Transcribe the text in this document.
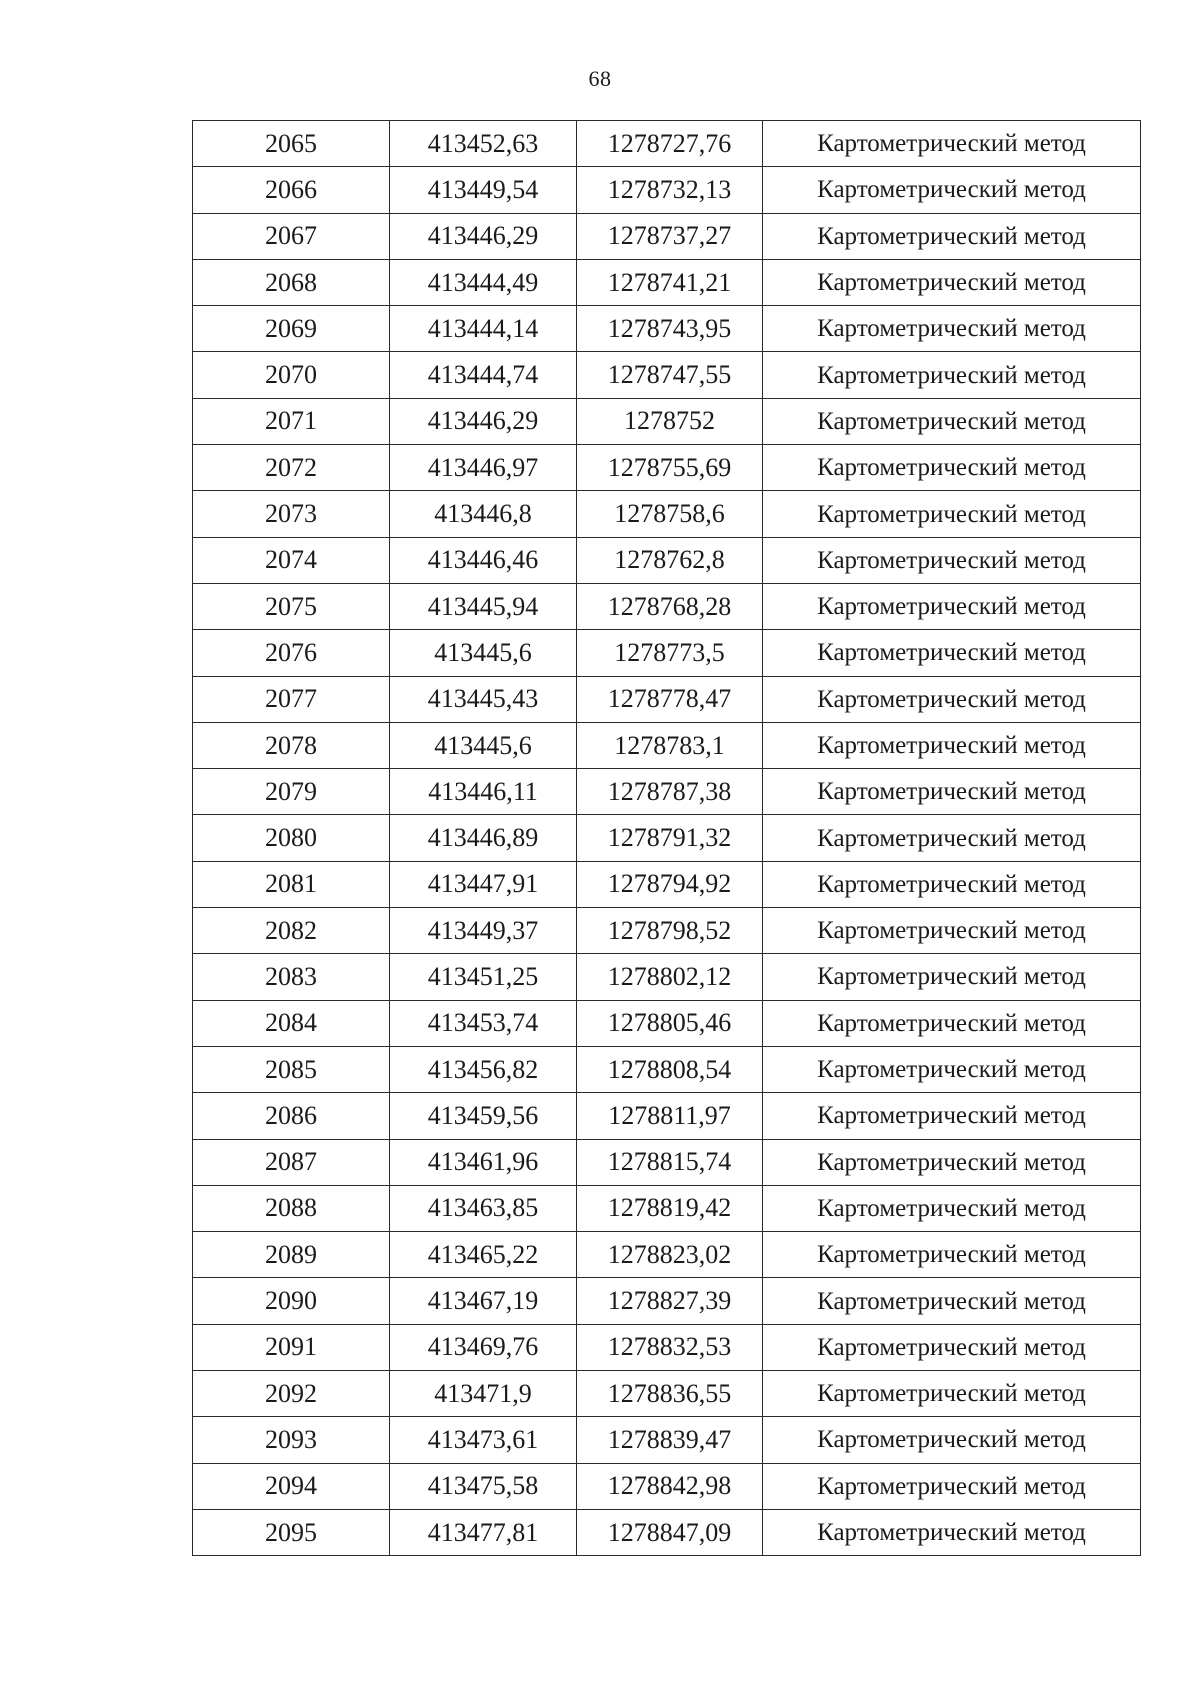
68
2065	413452,63	1278727,76	Картометрический метод
2066	413449,54	1278732,13	Картометрический метод
2067	413446,29	1278737,27	Картометрический метод
2068	413444,49	1278741,21	Картометрический метод
2069	413444,14	1278743,95	Картометрический метод
2070	413444,74	1278747,55	Картометрический метод
2071	413446,29	1278752	Картометрический метод
2072	413446,97	1278755,69	Картометрический метод
2073	413446,8	1278758,6	Картометрический метод
2074	413446,46	1278762,8	Картометрический метод
2075	413445,94	1278768,28	Картометрический метод
2076	413445,6	1278773,5	Картометрический метод
2077	413445,43	1278778,47	Картометрический метод
2078	413445,6	1278783,1	Картометрический метод
2079	413446,11	1278787,38	Картометрический метод
2080	413446,89	1278791,32	Картометрический метод
2081	413447,91	1278794,92	Картометрический метод
2082	413449,37	1278798,52	Картометрический метод
2083	413451,25	1278802,12	Картометрический метод
2084	413453,74	1278805,46	Картометрический метод
2085	413456,82	1278808,54	Картометрический метод
2086	413459,56	1278811,97	Картометрический метод
2087	413461,96	1278815,74	Картометрический метод
2088	413463,85	1278819,42	Картометрический метод
2089	413465,22	1278823,02	Картометрический метод
2090	413467,19	1278827,39	Картометрический метод
2091	413469,76	1278832,53	Картометрический метод
2092	413471,9	1278836,55	Картометрический метод
2093	413473,61	1278839,47	Картометрический метод
2094	413475,58	1278842,98	Картометрический метод
2095	413477,81	1278847,09	Картометрический метод
